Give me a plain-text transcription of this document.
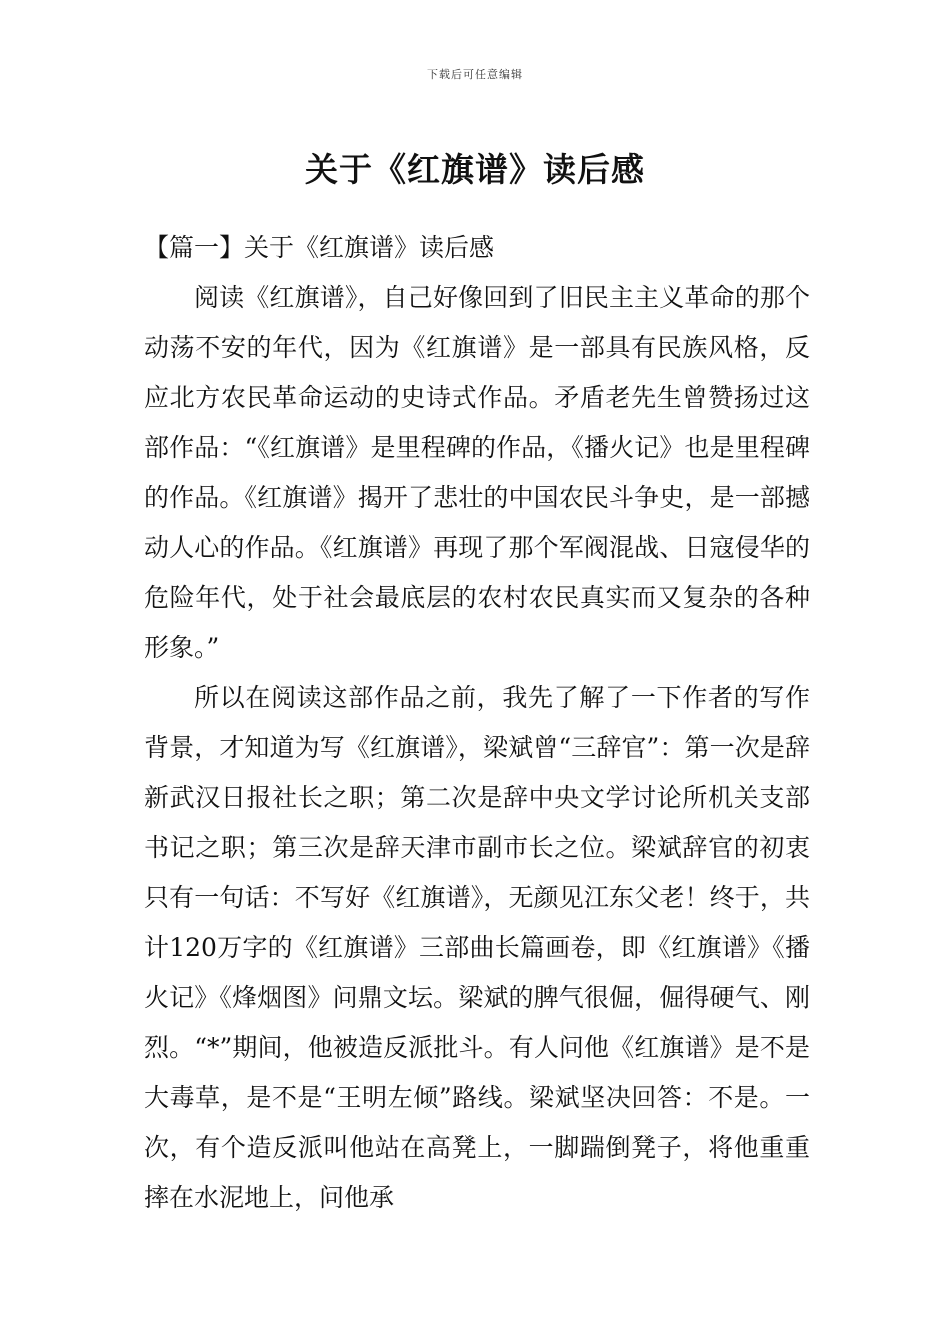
下载后可任意编辑
关于《红旗谱》读后感

【篇一】关于《红旗谱》读后感

阅读《红旗谱》，自己好像回到了旧民主主义革命的那个动荡不安的年代，因为《红旗谱》是一部具有民族风格，反应北方农民革命运动的史诗式作品。矛盾老先生曾赞扬过这部作品：“《红旗谱》是里程碑的作品，《播火记》也是里程碑的作品。《红旗谱》揭开了悲壮的中国农民斗争史，是一部撼动人心的作品。《红旗谱》再现了那个军阀混战、日寇侵华的危险年代，处于社会最底层的农村农民真实而又复杂的各种形象。”

所以在阅读这部作品之前，我先了解了一下作者的写作背景，才知道为写《红旗谱》，梁斌曾“三辞官”：第一次是辞新武汉日报社长之职；第二次是辞中央文学讨论所机关支部书记之职；第三次是辞天津市副市长之位。梁斌辞官的初衷只有一句话：不写好《红旗谱》，无颜见江东父老！终于，共计120万字的《红旗谱》三部曲长篇画卷，即《红旗谱》《播火记》《烽烟图》问鼎文坛。梁斌的脾气很倔，倔得硬气、刚烈。“*”期间，他被造反派批斗。有人问他《红旗谱》是不是大毒草，是不是“王明左倾”路线。梁斌坚决回答：不是。一次，有个造反派叫他站在高凳上，一脚踹倒凳子，将他重重摔在水泥地上，问他承
